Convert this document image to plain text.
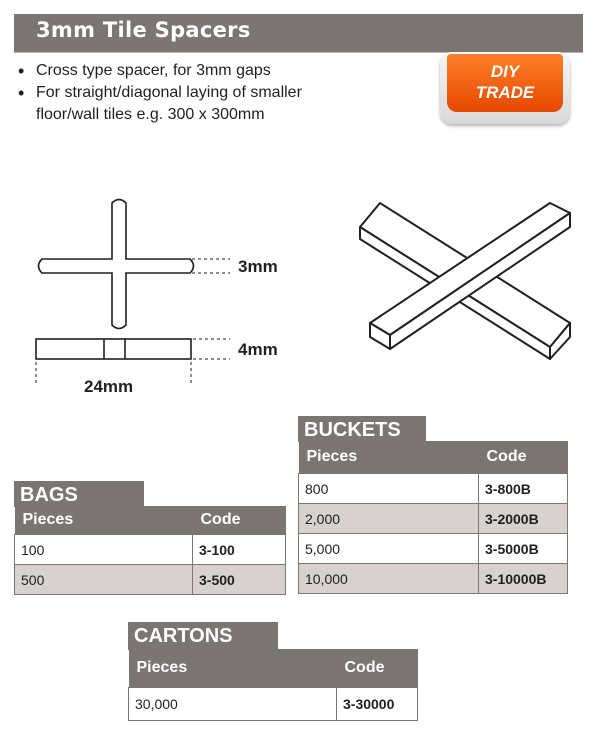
3mm Tile Spacers
• Cross type spacer, for 3mm gaps
• For straight/diagonal laying of smaller floor/wall tiles e.g. 300 x 300mm
DIY
TRADE
3mm
4mm
24mm
BAGS
Pieces	Code
100	3-100
500	3-500
BUCKETS
Pieces	Code
800	3-800B
2,000	3-2000B
5,000	3-5000B
10,000	3-10000B
CARTONS
Pieces	Code
30,000	3-30000
